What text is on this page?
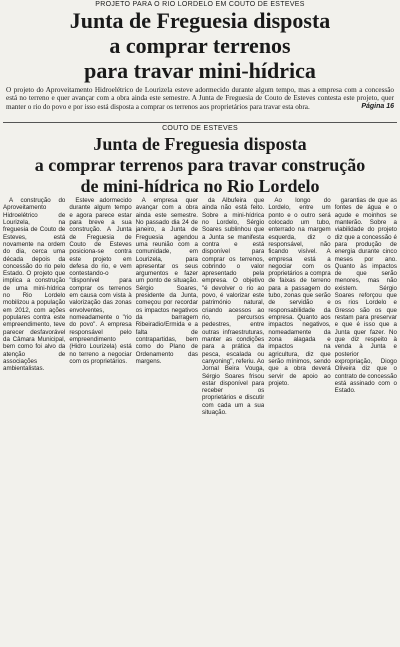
PROJETO PARA O RIO LORDELO EM COUTO DE ESTEVES
Junta de Freguesia disposta
a comprar terrenos
para travar mini-hídrica
O projeto do Aproveitamento Hidroelétrico de Lourizela esteve adormecido durante algum tempo, mas a empresa com a concessão está no terreno e quer avançar com a obra ainda este semestre. A Junta de Freguesia de Couto de Esteves contesta este projeto, quer manter o rio do povo e por isso está disposta a comprar os terrenos aos proprietários para travar esta obra.	Página 16
COUTO DE ESTEVES
Junta de Freguesia disposta
a comprar terrenos para travar construção
de mini-hídrica no Rio Lordelo

A construção do Aproveitamento Hidroelétrico de Lourizela, na freguesia de Couto de Esteves, está novamente na ordem do dia, cerca uma década depois da concessão do rio pelo Estado. O projeto que implica a construção de uma mini-hídrica no Rio Lordelo mobilizou a população em 2012, com ações populares contra este empreendimento, teve parecer desfavorável da Câmara Municipal, bem como foi alvo da atenção de associações ambientalistas.

Esteve adormecido durante algum tempo e agora parece estar para breve a sua construção. A Junta de Freguesia de Couto de Esteves posiciona-se contra este projeto em defesa do rio, e vem contestando-o "disponível para comprar os terrenos em causa com vista à valorização das zonas envolventes, nomeadamente o "rio do povo". A empresa responsável pelo empreendimento (Hidro Lourizela) está no terreno a negociar com os proprietários.

A empresa quer avançar com a obra ainda este semestre. No passado dia 24 de janeiro, a Junta de Freguesia agendou uma reunião com a comunidade, em Lourizela, para apresentar os seus argumentos e fazer um ponto de situação. Sérgio Soares, presidente da Junta, começou por recordar os impactos negativos da barragem Ribeiradio/Ermida e a falta de contrapartidas, bem como do Plano de Ordenamento das margens.

da Albufeira que ainda não está feito. Sobre a mini-hídrica no Lordelo, Sérgio Soares sublinhou que a Junta se manifesta contra e está disponível para comprar os terrenos, cobrindo o valor apresentado pela empresa. O objetivo "é devolver o rio ao povo, é valorizar este património natural, criando acessos ao rio, percursos pedestres, entre outras infraestruturas, manter as condições para a prática da pesca, escalada ou canyoning", referiu. Ao Jornal Beira Vouga, Sérgio Soares frisou estar disponível para receber os proprietários e discutir com cada um a sua situação.

Ao longo do Lordelo, entre um ponto e o outro será colocado um tubo, enterrado na margem esquerda, diz o responsável, não ficando visível. A empresa está a negociar com os proprietários a compra de faixas de terreno para a passagem do tubo, zonas que serão de servidão e responsabilidade da empresa. Quanto aos impactos negativos, nomeadamente da zona alagada e impactos na agricultura, diz que serão mínimos, sendo que a obra deverá servir de apoio ao projeto.

garantias de que as fontes de água e o açude e moinhos se manterão. Sobre a viabilidade do projeto diz que a concessão é para produção de energia durante cinco meses por ano. Quanto às impactos de que serão menores, mas não existem. Sérgio Soares reforçou que os rios Lordelo e Gresso são os que restam para preservar e que é isso que a Junta quer fazer. No que diz respeito à venda à Junta e posterior expropriação, Diogo Oliveira diz que o contrato de concessão está assinado com o Estado.
